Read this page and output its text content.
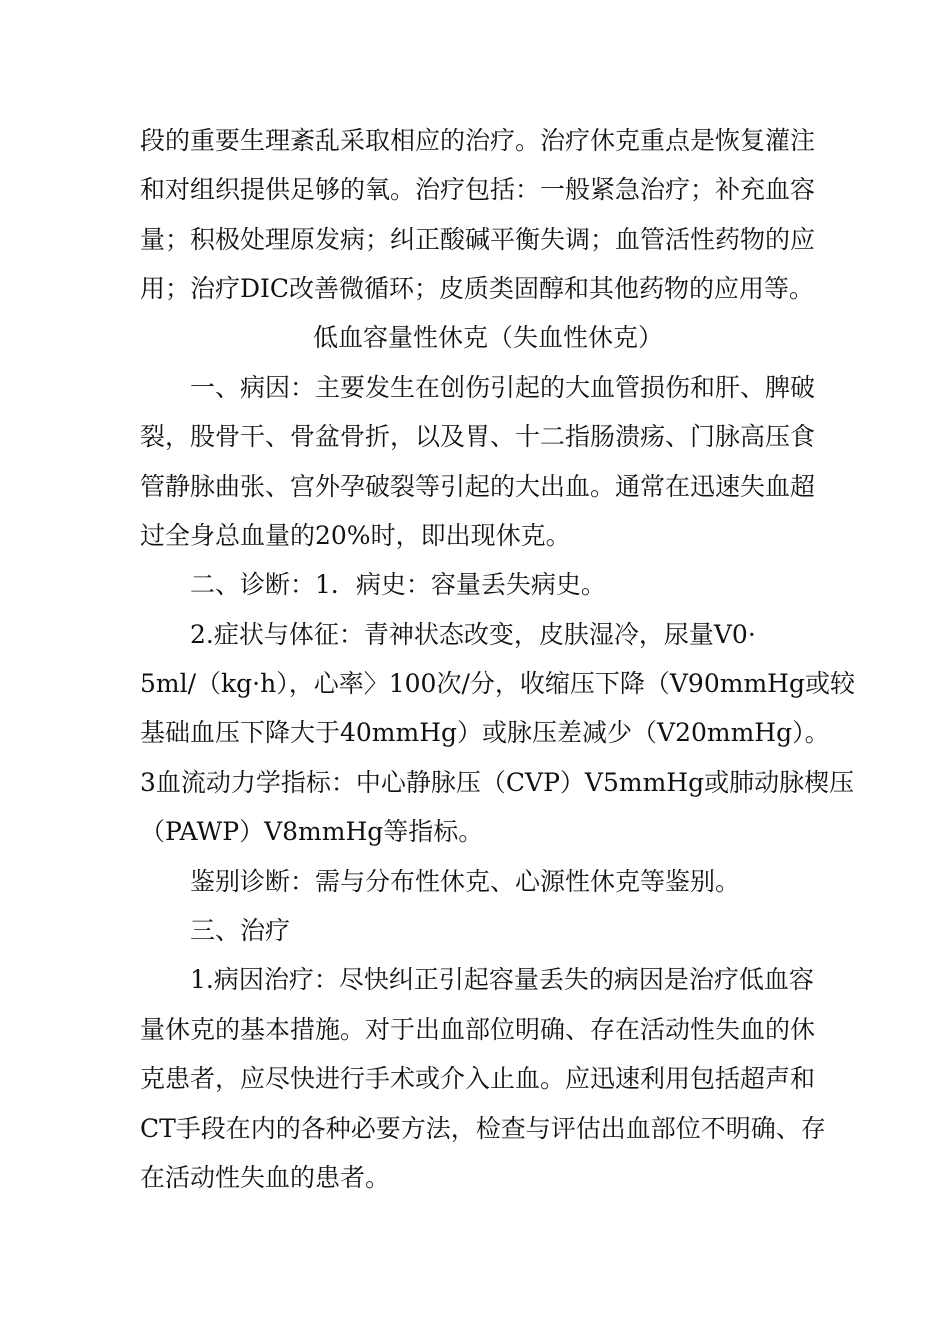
段的重要生理紊乱采取相应的治疗。治疗休克重点是恢复灌注
和对组织提供足够的氧。治疗包括：一般紧急治疗；补充血容
量；积极处理原发病；纠正酸碱平衡失调；血管活性药物的应
用；治疗DIC改善微循环；皮质类固醇和其他药物的应用等。
低血容量性休克（失血性休克）
一、病因：主要发生在创伤引起的大血管损伤和肝、脾破
裂，股骨干、骨盆骨折，以及胃、十二指肠溃疡、门脉高压食
管静脉曲张、宫外孕破裂等引起的大出血。通常在迅速失血超
过全身总血量的20%时，即出现休克。
二、诊断：1．病史：容量丢失病史。
2.症状与体征：青神状态改变，皮肤湿冷，尿量V0·
5ml/（kg·h），心率〉100次/分，收缩压下降（V90mmHg或较
基础血压下降大于40mmHg）或脉压差减少（V20mmHg）。
3血流动力学指标：中心静脉压（CVP）V5mmHg或肺动脉楔压
（PAWP）V8mmHg等指标。
鉴别诊断：需与分布性休克、心源性休克等鉴别。
三、治疗
1.病因治疗：尽快纠正引起容量丢失的病因是治疗低血容
量休克的基本措施。对于出血部位明确、存在活动性失血的休
克患者，应尽快进行手术或介入止血。应迅速利用包括超声和
CT手段在内的各种必要方法，检查与评估出血部位不明确、存
在活动性失血的患者。
